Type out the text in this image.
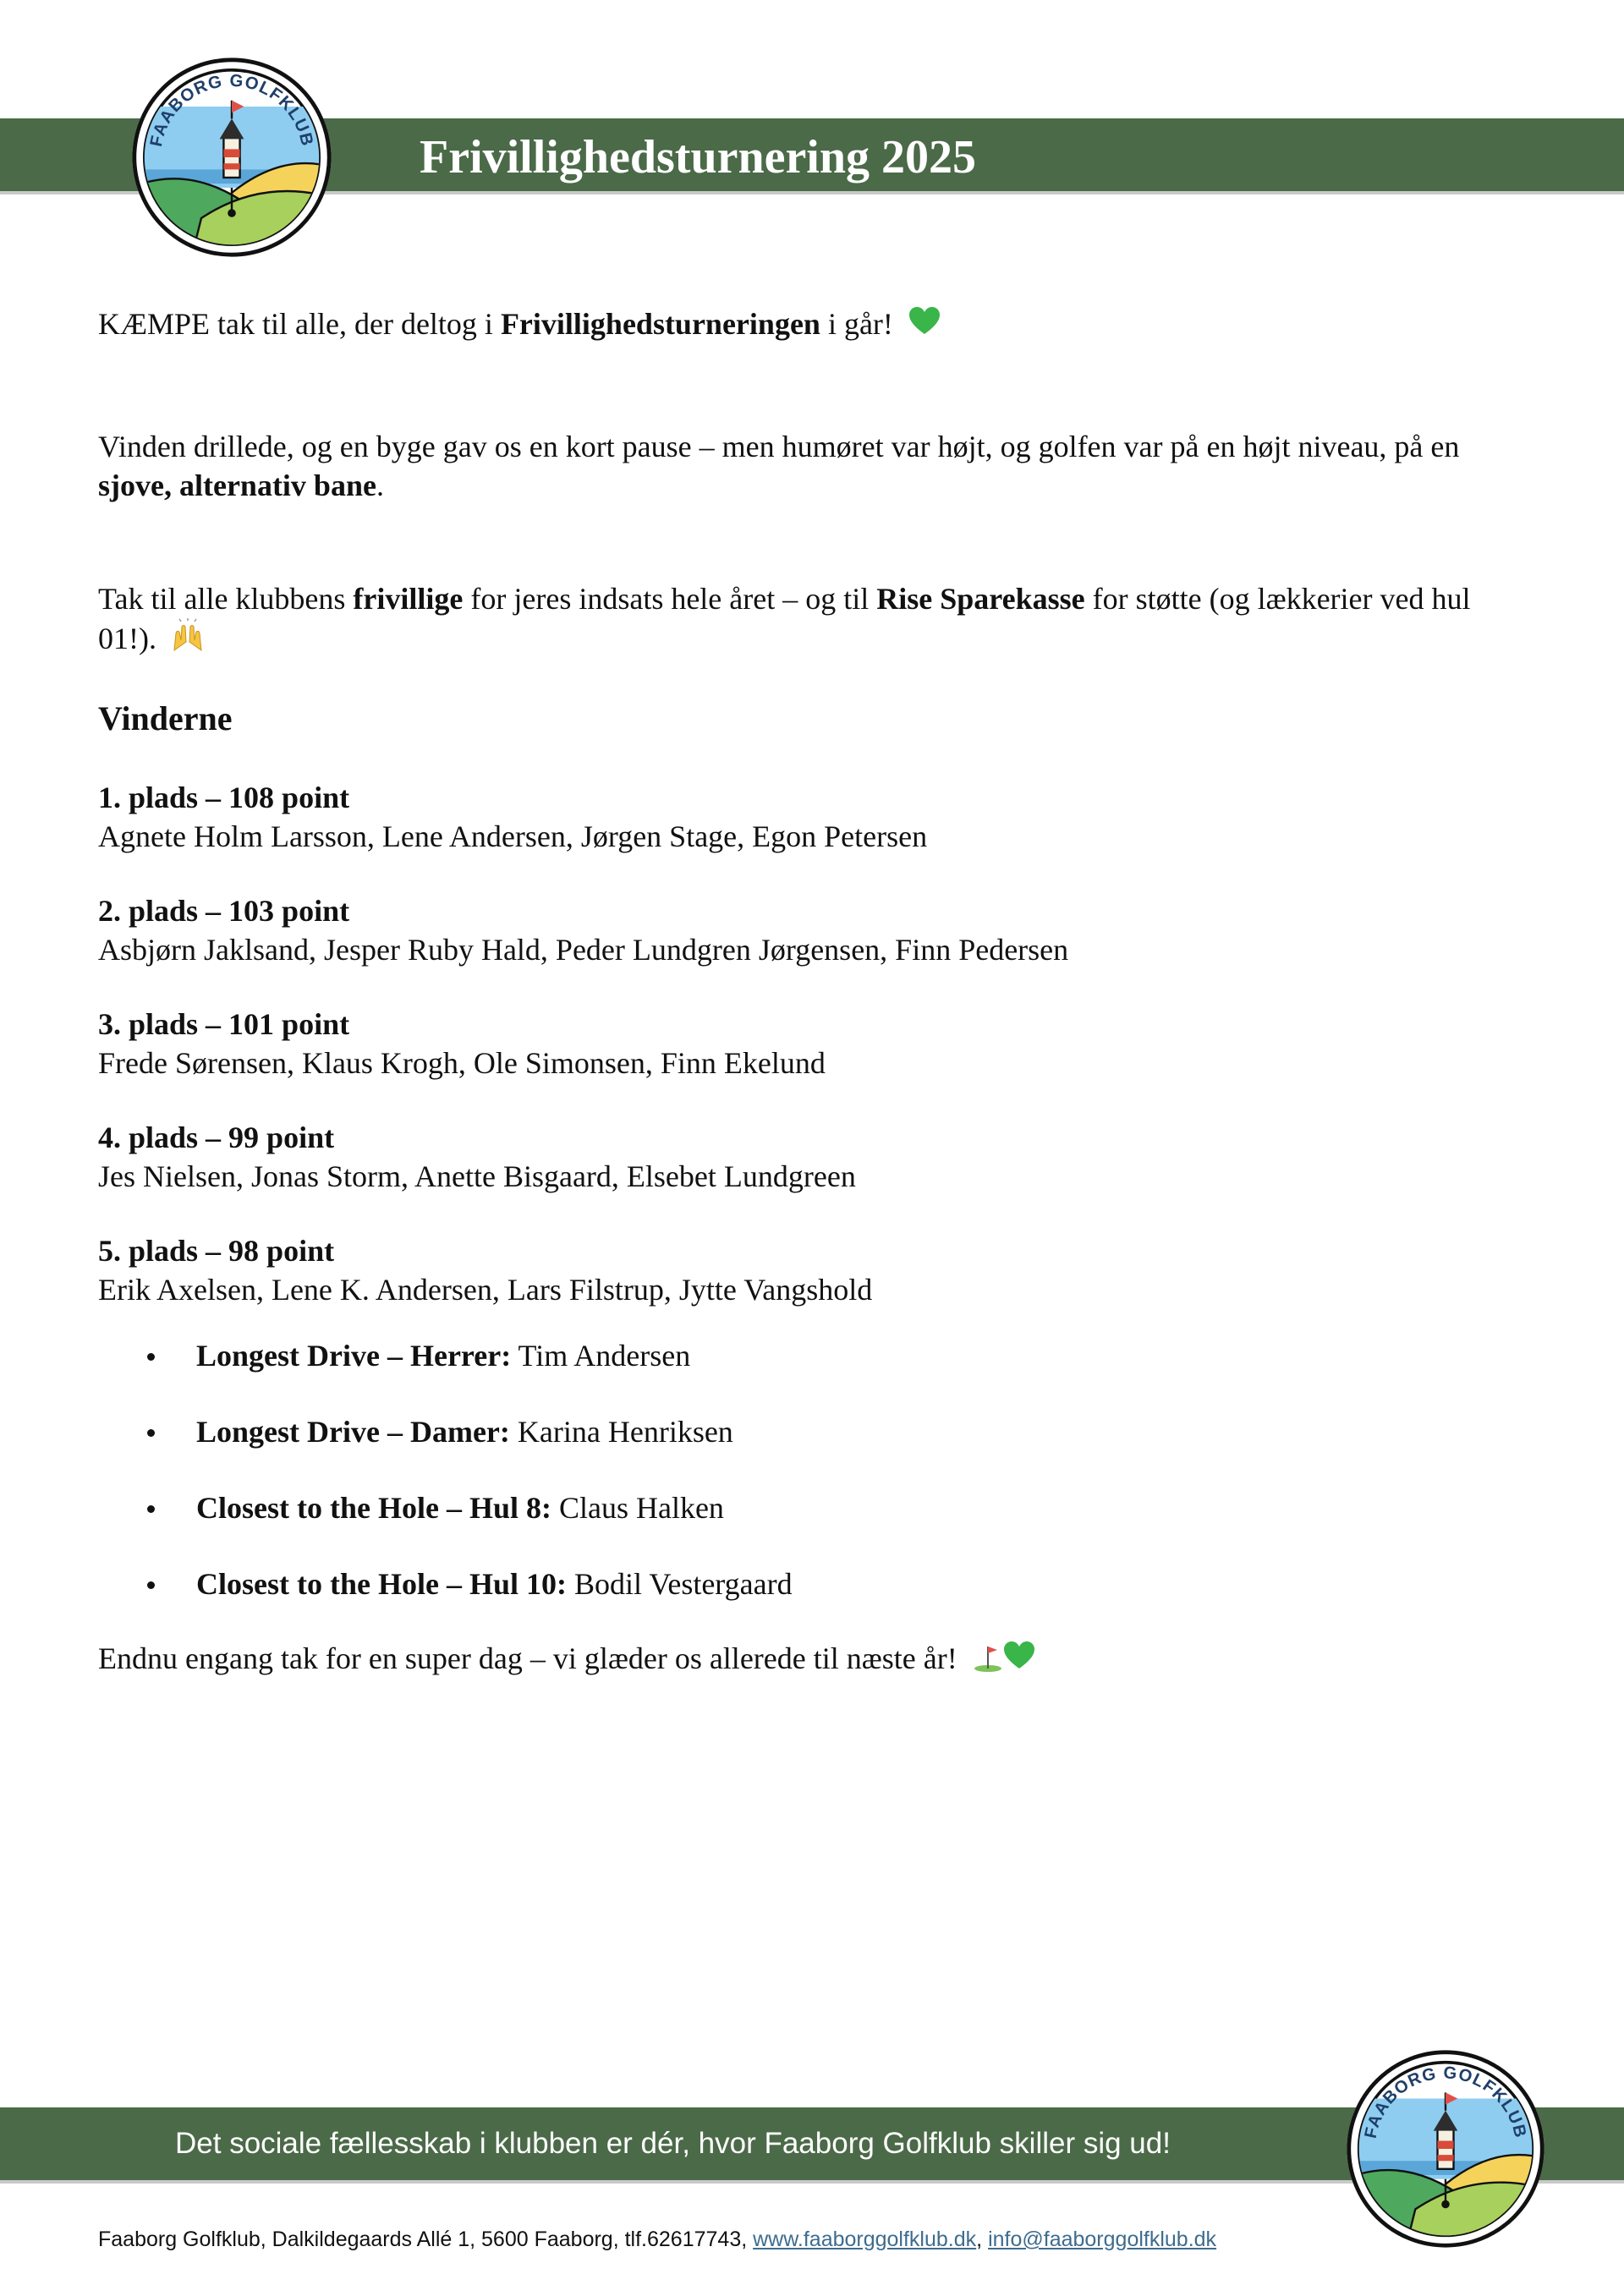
Frivillighedsturnering 2025
FAABORG GOLFKLUB

KÆMPE tak til alle, der deltog i Frivillighedsturneringen i går!

Vinden drillede, og en byge gav os en kort pause – men humøret var højt, og golfen var på en højt niveau, på en sjove, alternativ bane.

Tak til alle klubbens frivillige for jeres indsats hele året – og til Rise Sparekasse for støtte (og lækkerier ved hul 01!).

Vinderne
1. plads – 108 point
Agnete Holm Larsson, Lene Andersen, Jørgen Stage, Egon Petersen
2. plads – 103 point
Asbjørn Jaklsand, Jesper Ruby Hald, Peder Lundgren Jørgensen, Finn Pedersen
3. plads – 101 point
Frede Sørensen, Klaus Krogh, Ole Simonsen, Finn Ekelund
4. plads – 99 point
Jes Nielsen, Jonas Storm, Anette Bisgaard, Elsebet Lundgreen
5. plads – 98 point
Erik Axelsen, Lene K. Andersen, Lars Filstrup, Jytte Vangshold
Longest Drive – Herrer: Tim Andersen
Longest Drive – Damer: Karina Henriksen
Closest to the Hole – Hul 8: Claus Halken
Closest to the Hole – Hul 10: Bodil Vestergaard

Endnu engang tak for en super dag – vi glæder os allerede til næste år!

Det sociale fællesskab i klubben er dér, hvor Faaborg Golfklub skiller sig ud!	FAABORG GOLFKLUB
Faaborg Golfklub, Dalkildegaards Allé 1, 5600 Faaborg, tlf.62617743, www.faaborggolfklub.dk, info@faaborggolfklub.dk
